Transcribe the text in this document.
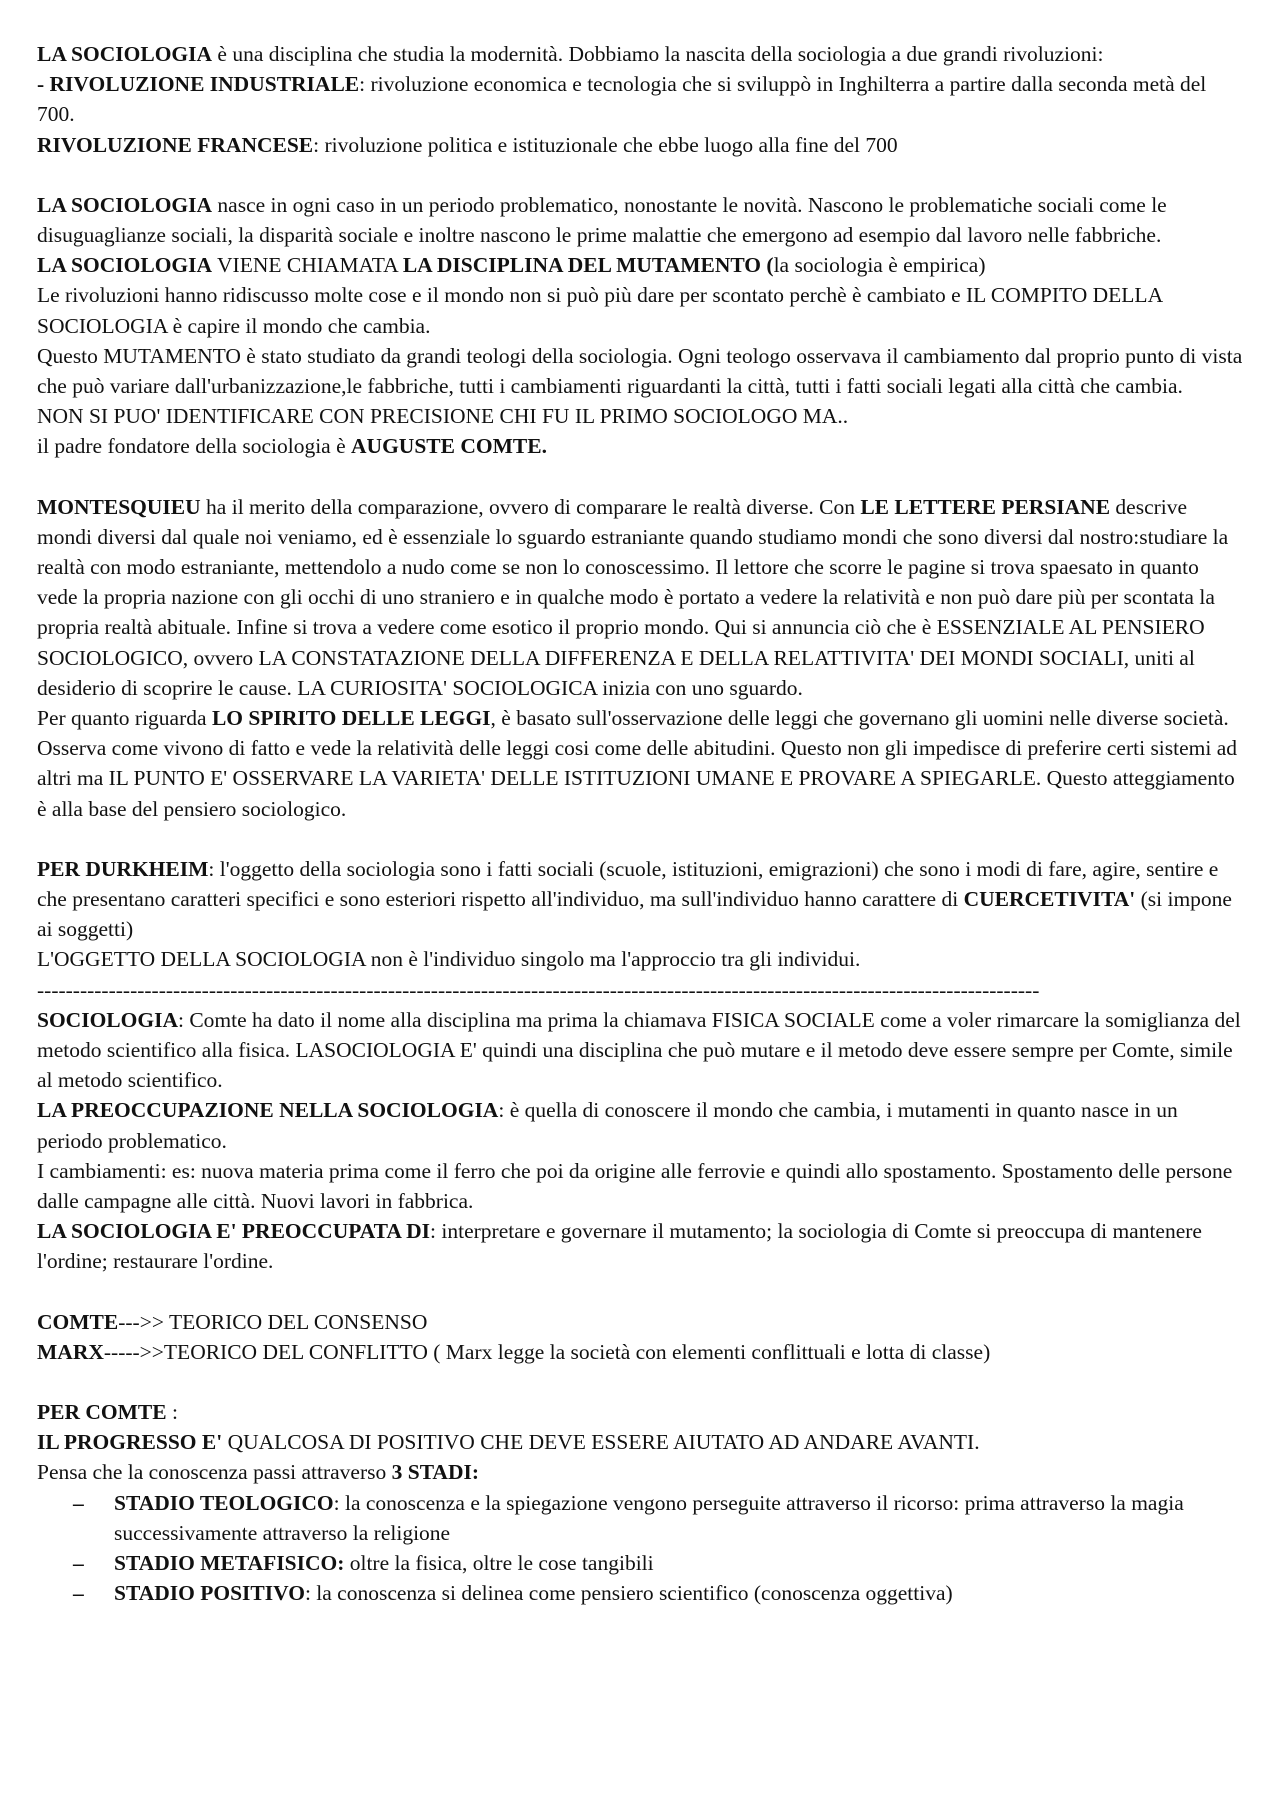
LA SOCIOLOGIA è una disciplina che studia la modernità. Dobbiamo la nascita della sociologia a due grandi rivoluzioni:

- RIVOLUZIONE INDUSTRIALE: rivoluzione economica e tecnologia che si sviluppò in Inghilterra a partire dalla seconda metà del 700.

RIVOLUZIONE FRANCESE: rivoluzione politica e istituzionale che ebbe luogo alla fine del 700

LA SOCIOLOGIA nasce in ogni caso in un periodo problematico, nonostante le novità. Nascono le problematiche sociali come le disuguaglianze sociali, la disparità sociale e inoltre nascono le prime malattie che emergono ad esempio dal lavoro nelle fabbriche.

LA SOCIOLOGIA VIENE CHIAMATA LA DISCIPLINA DEL MUTAMENTO (la sociologia è empirica)

Le rivoluzioni hanno ridiscusso molte cose e il mondo non si può più dare per scontato perchè è cambiato e IL COMPITO DELLA SOCIOLOGIA è capire il mondo che cambia.

Questo MUTAMENTO è stato studiato da grandi teologi della sociologia. Ogni teologo osservava il cambiamento dal proprio punto di vista che può variare dall'urbanizzazione,le fabbriche, tutti i cambiamenti riguardanti la città, tutti i fatti sociali legati alla città che cambia.

NON SI PUO' IDENTIFICARE CON PRECISIONE CHI FU IL PRIMO SOCIOLOGO MA..

il padre fondatore della sociologia è AUGUSTE COMTE.

MONTESQUIEU ha il merito della comparazione, ovvero di comparare le realtà diverse. Con LE LETTERE PERSIANE descrive mondi diversi dal quale noi veniamo, ed è essenziale lo sguardo estraniante quando studiamo mondi che sono diversi dal nostro:studiare la realtà con modo estraniante, mettendolo a nudo come se non lo conoscessimo. Il lettore che scorre le pagine si trova spaesato in quanto vede la propria nazione con gli occhi di uno straniero e in qualche modo è portato a vedere la relatività e non può dare più per scontata la propria realtà abituale. Infine si trova a vedere come esotico il proprio mondo. Qui si annuncia ciò che è ESSENZIALE AL PENSIERO SOCIOLOGICO, ovvero LA CONSTATAZIONE DELLA DIFFERENZA E DELLA RELATTIVITA' DEI MONDI SOCIALI, uniti al desiderio di scoprire le cause. LA CURIOSITA' SOCIOLOGICA inizia con uno sguardo.

Per quanto riguarda LO SPIRITO DELLE LEGGI, è basato sull'osservazione delle leggi che governano gli uomini nelle diverse società. Osserva come vivono di fatto e vede la relatività delle leggi cosi come delle abitudini. Questo non gli impedisce di preferire certi sistemi ad altri ma IL PUNTO E' OSSERVARE LA VARIETA' DELLE ISTITUZIONI UMANE E PROVARE A SPIEGARLE. Questo atteggiamento è alla base del pensiero sociologico.

PER DURKHEIM: l'oggetto della sociologia sono i fatti sociali (scuole, istituzioni, emigrazioni) che sono i modi di fare, agire, sentire e che presentano caratteri specifici e sono esteriori rispetto all'individuo, ma sull'individuo hanno carattere di CUERCETIVITA' (si impone ai soggetti)

L'OGGETTO DELLA SOCIOLOGIA non è l'individuo singolo ma l'approccio tra gli individui.

--------------------------------------------------------------------------------------------------------------------------------------------

SOCIOLOGIA: Comte ha dato il nome alla disciplina ma prima la chiamava FISICA SOCIALE come a voler rimarcare la somiglianza del metodo scientifico alla fisica. LASOCIOLOGIA E' quindi una disciplina che può mutare e il metodo deve essere sempre per Comte, simile al metodo scientifico.

LA PREOCCUPAZIONE NELLA SOCIOLOGIA: è quella di conoscere il mondo che cambia, i mutamenti in quanto nasce in un periodo problematico.

I cambiamenti: es: nuova materia prima come il ferro che poi da origine alle ferrovie e quindi allo spostamento. Spostamento delle persone dalle campagne alle città. Nuovi lavori in fabbrica.

LA SOCIOLOGIA E' PREOCCUPATA DI: interpretare e governare il mutamento; la sociologia di Comte si preoccupa di mantenere l'ordine; restaurare l'ordine.

COMTE--->> TEORICO DEL CONSENSO

MARX----->>TEORICO DEL CONFLITTO ( Marx legge la società con elementi conflittuali e lotta di classe)

PER COMTE :

IL PROGRESSO E' QUALCOSA DI POSITIVO CHE DEVE ESSERE AIUTATO AD ANDARE AVANTI.

Pensa che la conoscenza passi attraverso 3 STADI:

– STADIO TEOLOGICO: la conoscenza e la spiegazione vengono perseguite attraverso il ricorso: prima attraverso la magia successivamente attraverso la religione
– STADIO METAFISICO: oltre la fisica, oltre le cose tangibili
– STADIO POSITIVO: la conoscenza si delinea come pensiero scientifico (conoscenza oggettiva)
